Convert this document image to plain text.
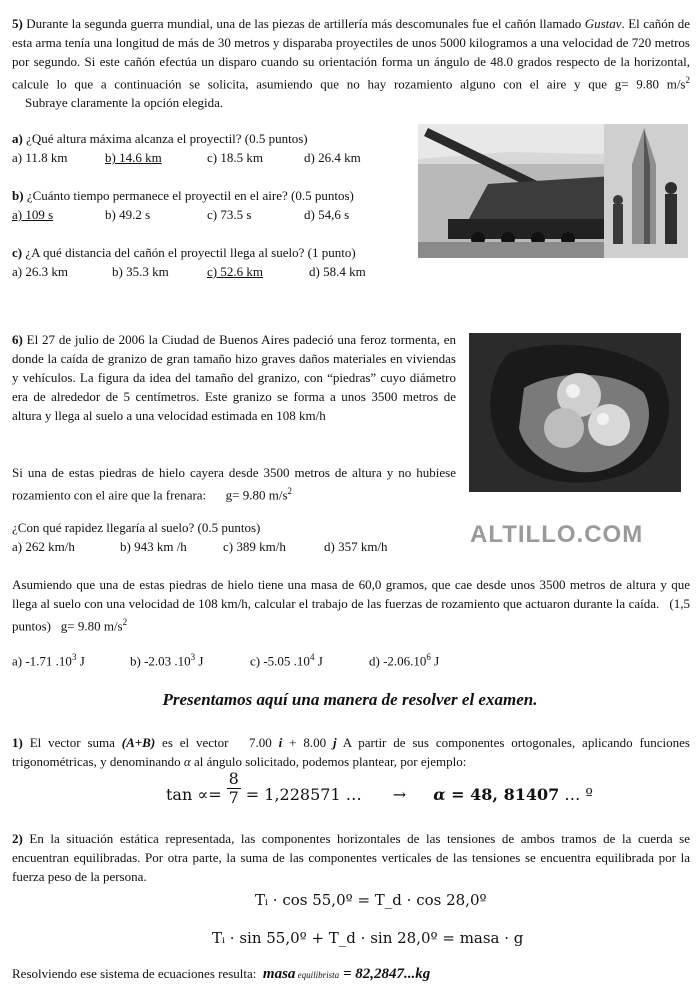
5) Durante la segunda guerra mundial, una de las piezas de artillería más descomunales fue el cañón llamado Gustav. El cañón de esta arma tenía una longitud de más de 30 metros y disparaba proyectiles de unos 5000 kilogramos a una velocidad de 720 metros por segundo. Si este cañón efectúa un disparo cuando su orientación forma un ángulo de 48.0 grados respecto de la horizontal, calcule lo que a continuación se solicita, asumiendo que no hay rozamiento alguno con el aire y que g= 9.80 $m/s^2$    Subraye claramente la opción elegida.
a) ¿Qué altura máxima alcanza el proyectil? (0.5 puntos)
a) 11.8 km	b) 14.6 km	c) 18.5 km	d) 26.4 km
b) ¿Cuánto tiempo permanece el proyectil en el aire? (0.5 puntos)
a) 109 s	b) 49.2 s	c) 73.5 s	d) 54,6 s
c) ¿A qué distancia del cañón el proyectil llega al suelo? (1 punto)
a) 26.3 km	b) 35.3 km	c) 52.6 km	d) 58.4 km
6) El 27 de julio de 2006 la Ciudad de Buenos Aires padeció una feroz tormenta, en donde la caída de granizo de gran tamaño hizo graves daños materiales en viviendas y vehículos. La figura da idea del tamaño del granizo, con “piedras” cuyo diámetro era de alrededor de 5 centímetros. Este granizo se forma a unos 3500 metros de altura y llega al suelo a una velocidad estimada en 108 km/h
Si una de estas piedras de hielo cayera desde 3500 metros de altura y no hubiese rozamiento con el aire que la frenara:      g= 9.80 $m/s^2$
ALTILLO.COM
¿Con qué rapidez llegaría al suelo? (0.5 puntos)
a) 262 km/h	b) 943 km /h	c) 389 km/h	d) 357 km/h
Asumiendo que una de estas piedras de hielo tiene una masa de 60,0 gramos, que cae desde unos 3500 metros de altura y que llega al suelo con una velocidad de 108 km/h, calcular el trabajo de las fuerzas de rozamiento que actuaron durante la caída.   (1,5 puntos)   g= 9.80 $m/s^2$
a) -1.71 $.10^3$ J	b) -2.03 $.10^3$ J	c) -5.05 $.10^4$ J	d) -2.06.10$^6$ J
Presentamos aquí una manera de resolver el examen.
1) El vector suma (A+B) es el vector   7.00 i + 8.00 j A partir de sus componentes ortogonales, aplicando funciones trigonométricas, y denominando α al ángulo solicitado, podemos plantear, por ejemplo:
$\tan \propto= \frac{8}{7} = 1,228571$ … → α = 48, 81407 … º
2) En la situación estática representada, las componentes horizontales de las tensiones de ambos tramos de la cuerda se encuentran equilibradas. Por otra parte, la suma de las componentes verticales de las tensiones se encuentra equilibrada por la fuerza peso de la persona.
Tᵢ · cos 55,0º = T_d · cos 28,0º
Tᵢ · sin 55,0º + T_d · sin 28,0º = masa · g
Resolviendo ese sistema de ecuaciones resulta:  masa equilibrista = 82,2847...kg
